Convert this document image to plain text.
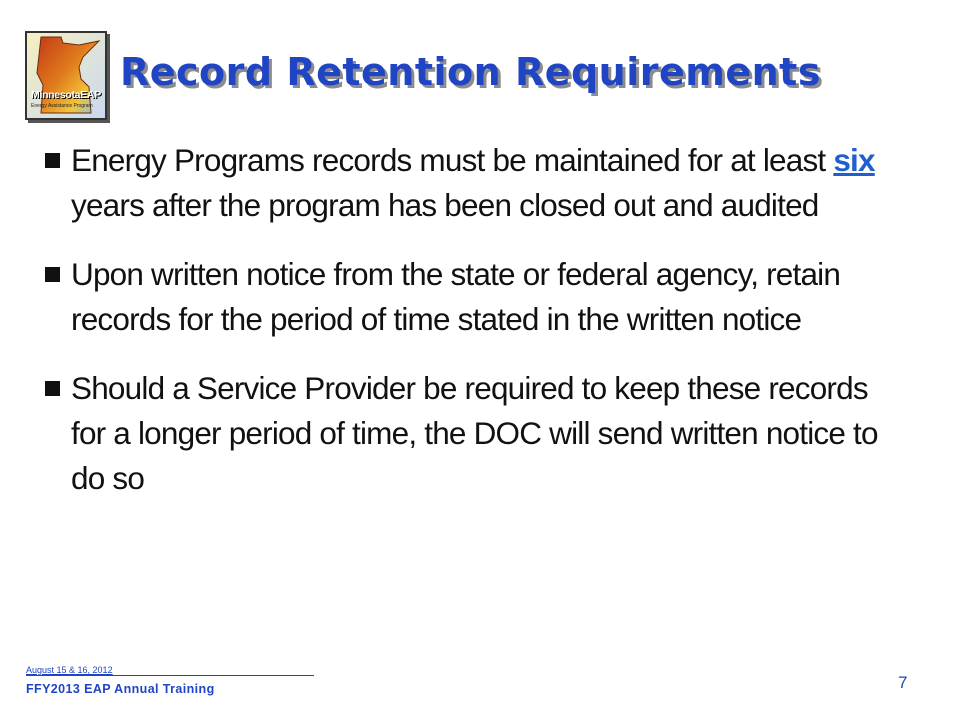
MinnesotaEAP
Energy Assistance Program
Record Retention Requirements
Energy Programs records must be maintained for at least six years after the program has been closed out and audited
Upon written notice from the state or federal agency, retain records for the period of time stated in the written notice
Should a Service Provider be required to keep these records for a longer period of time, the DOC will send written notice to do so
August 15 & 16, 2012
FFY2013 EAP Annual Training	7
